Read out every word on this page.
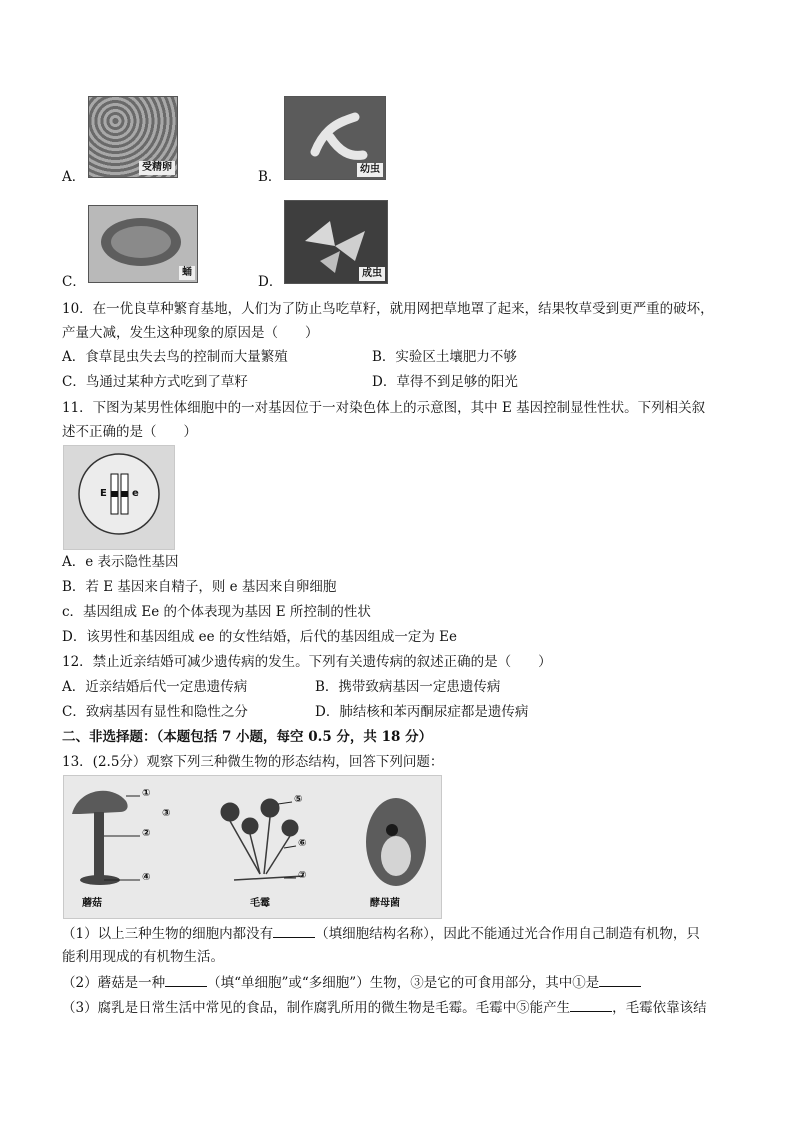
A．
受精卵
B．	幼虫
C．
蛹
D．
成虫
10．在一优良草种繁育基地，人们为了防止鸟吃草籽，就用网把草地罩了起来，结果牧草受到更严重的破坏，
产量大减，发生这种现象的原因是（　　）
A．食草昆虫失去鸟的控制而大量繁殖	B．实验区土壤肥力不够
C．鸟通过某种方式吃到了草籽	D．草得不到足够的阳光
11．下图为某男性体细胞中的一对基因位于一对染色体上的示意图，其中 E 基因控制显性性状。下列相关叙
述不正确的是（　　）
E	e
A．e 表示隐性基因
B．若 E 基因来自精子，则 e 基因来自卵细胞
c．基因组成 Ee 的个体表现为基因 E 所控制的性状
D．该男性和基因组成 ee 的女性结婚，后代的基因组成一定为 Ee
12．禁止近亲结婚可减少遗传病的发生。下列有关遗传病的叙述正确的是（　　）
A．近亲结婚后代一定患遗传病	B．携带致病基因一定患遗传病
C．致病基因有显性和隐性之分	D．肺结核和苯丙酮尿症都是遗传病
二、非选择题：（本题包括 7 小题，每空 0.5 分，共 18 分）
13．(2.5分）观察下列三种微生物的形态结构，回答下列问题：
①
②
③
④
⑤
⑥
⑦
蘑菇	毛霉	酵母菌
（1）以上三种生物的细胞内都没有	（填细胞结构名称），因此不能通过光合作用自己制造有机物，只
能利用现成的有机物生活。
（2）蘑菇是一种	（填“单细胞”或“多细胞”）生物，③是它的可食用部分，其中①是
（3）腐乳是日常生活中常见的食品，制作腐乳所用的微生物是毛霉。毛霉中⑤能产生	，毛霉依靠该结
